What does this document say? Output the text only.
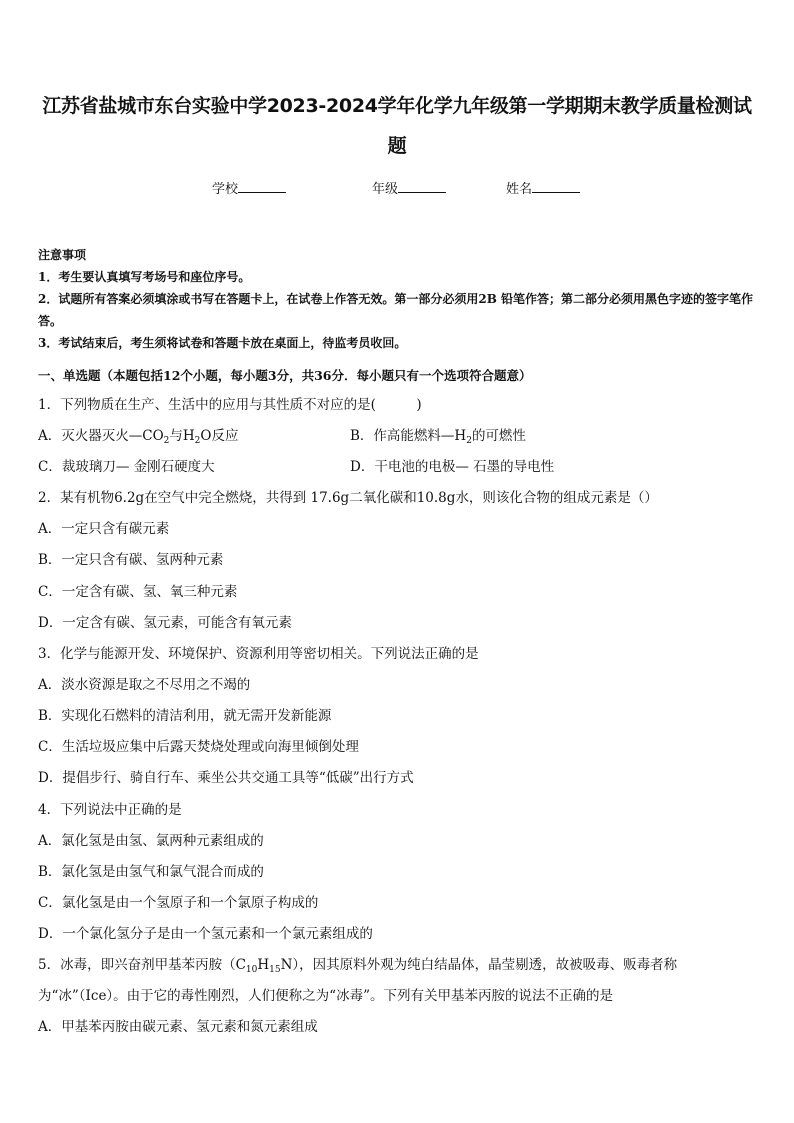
江苏省盐城市东台实验中学2023-2024学年化学九年级第一学期期末教学质量检测试
题
学校	年级	姓名

注意事项

1．考生要认真填写考场号和座位序号。

2．试题所有答案必须填涂或书写在答题卡上，在试卷上作答无效。第一部分必须用2B 铅笔作答；第二部分必须用黑色字迹的签字笔作答。

3．考试结束后，考生须将试卷和答题卡放在桌面上，待监考员收回。

一、单选题（本题包括12个小题，每小题3分，共36分．每小题只有一个选项符合题意）
1．下列物质在生产、生活中的应用与其性质不对应的是(　　　)
A．灭火器灭火$—CO_2$与$H_2O$反应	B．作高能燃料$—H_2$的可燃性
C．裁玻璃刀— 金刚石硬度大	D．干电池的电极— 石墨的导电性
2．某有机物6.2g在空气中完全燃烧，共得到 17.6g二氧化碳和10.8g水，则该化合物的组成元素是（）
A．一定只含有碳元素
B．一定只含有碳、氢两种元素
C．一定含有碳、氢、氧三种元素
D．一定含有碳、氢元素，可能含有氧元素
3．化学与能源开发、环境保护、资源利用等密切相关。下列说法正确的是
A．淡水资源是取之不尽用之不竭的
B．实现化石燃料的清洁利用，就无需开发新能源
C．生活垃圾应集中后露天焚烧处理或向海里倾倒处理
D．提倡步行、骑自行车、乘坐公共交通工具等“低碳”出行方式
4．下列说法中正确的是
A．氯化氢是由氢、氯两种元素组成的
B．氯化氢是由氢气和氯气混合而成的
C．氯化氢是由一个氢原子和一个氯原子构成的
D．一个氯化氢分子是由一个氢元素和一个氯元素组成的
5．冰毒，即兴奋剂甲基苯丙胺$(C_{10}H_{15}N)$，因其原料外观为纯白结晶体，晶莹剔透，故被吸毒、贩毒者称为“冰”（Ice）。由于它的毒性刚烈，人们便称之为“冰毒”。下列有关甲基苯丙胺的说法不正确的是
A．甲基苯丙胺由碳元素、氢元素和氮元素组成
